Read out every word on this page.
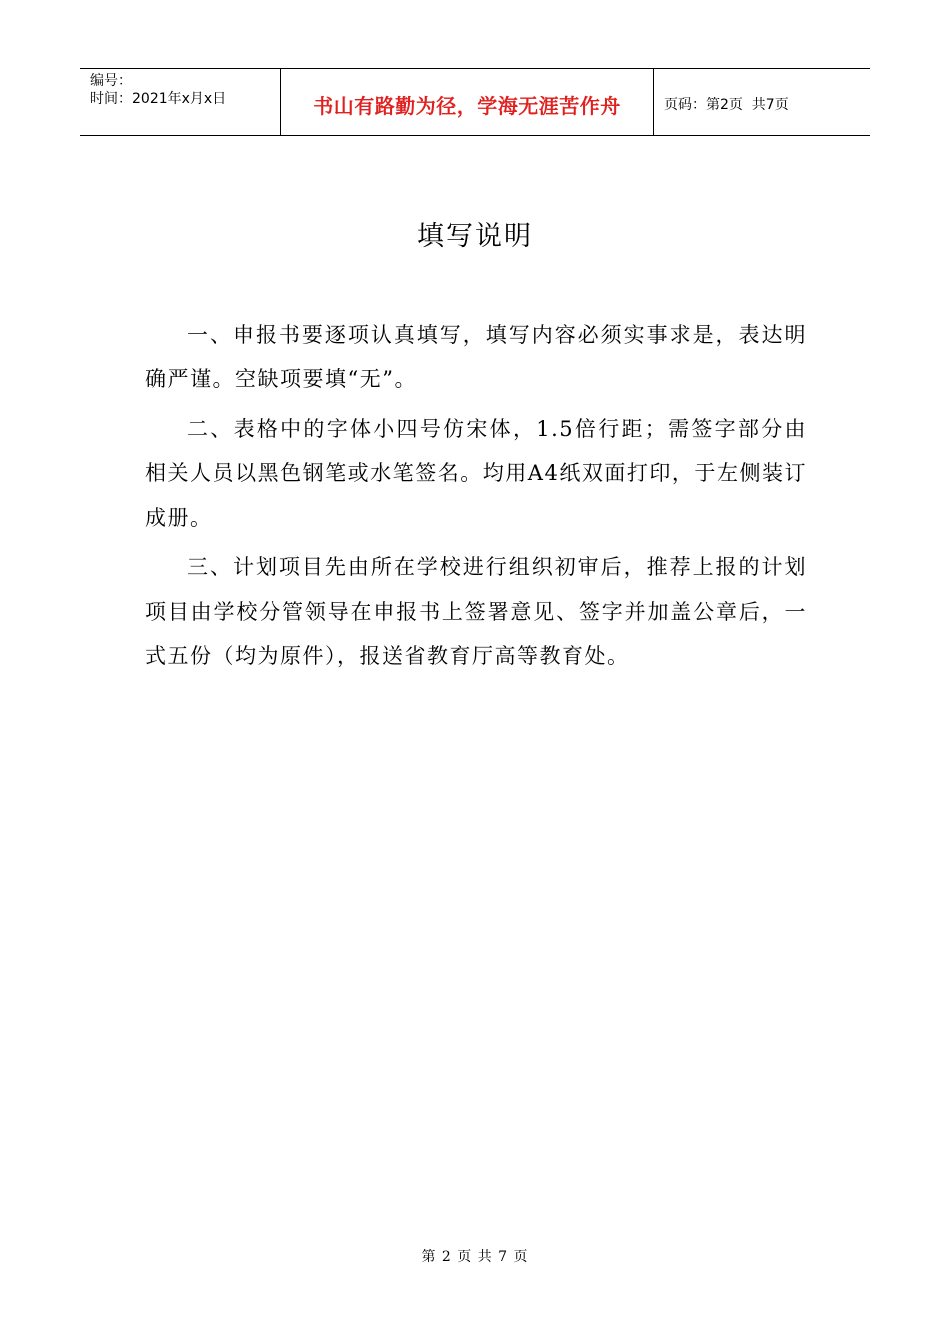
编号：
时间：2021年x月x日	书山有路勤为径，学海无涯苦作舟	页码：第2页  共7页
填写说明

一、申报书要逐项认真填写，填写内容必须实事求是，表达明确严谨。空缺项要填“无”。

二、表格中的字体小四号仿宋体，1.5倍行距；需签字部分由相关人员以黑色钢笔或水笔签名。均用A4纸双面打印，于左侧装订成册。

三、计划项目先由所在学校进行组织初审后，推荐上报的计划项目由学校分管领导在申报书上签署意见、签字并加盖公章后，一式五份（均为原件），报送省教育厅高等教育处。

第 2 页 共 7 页
